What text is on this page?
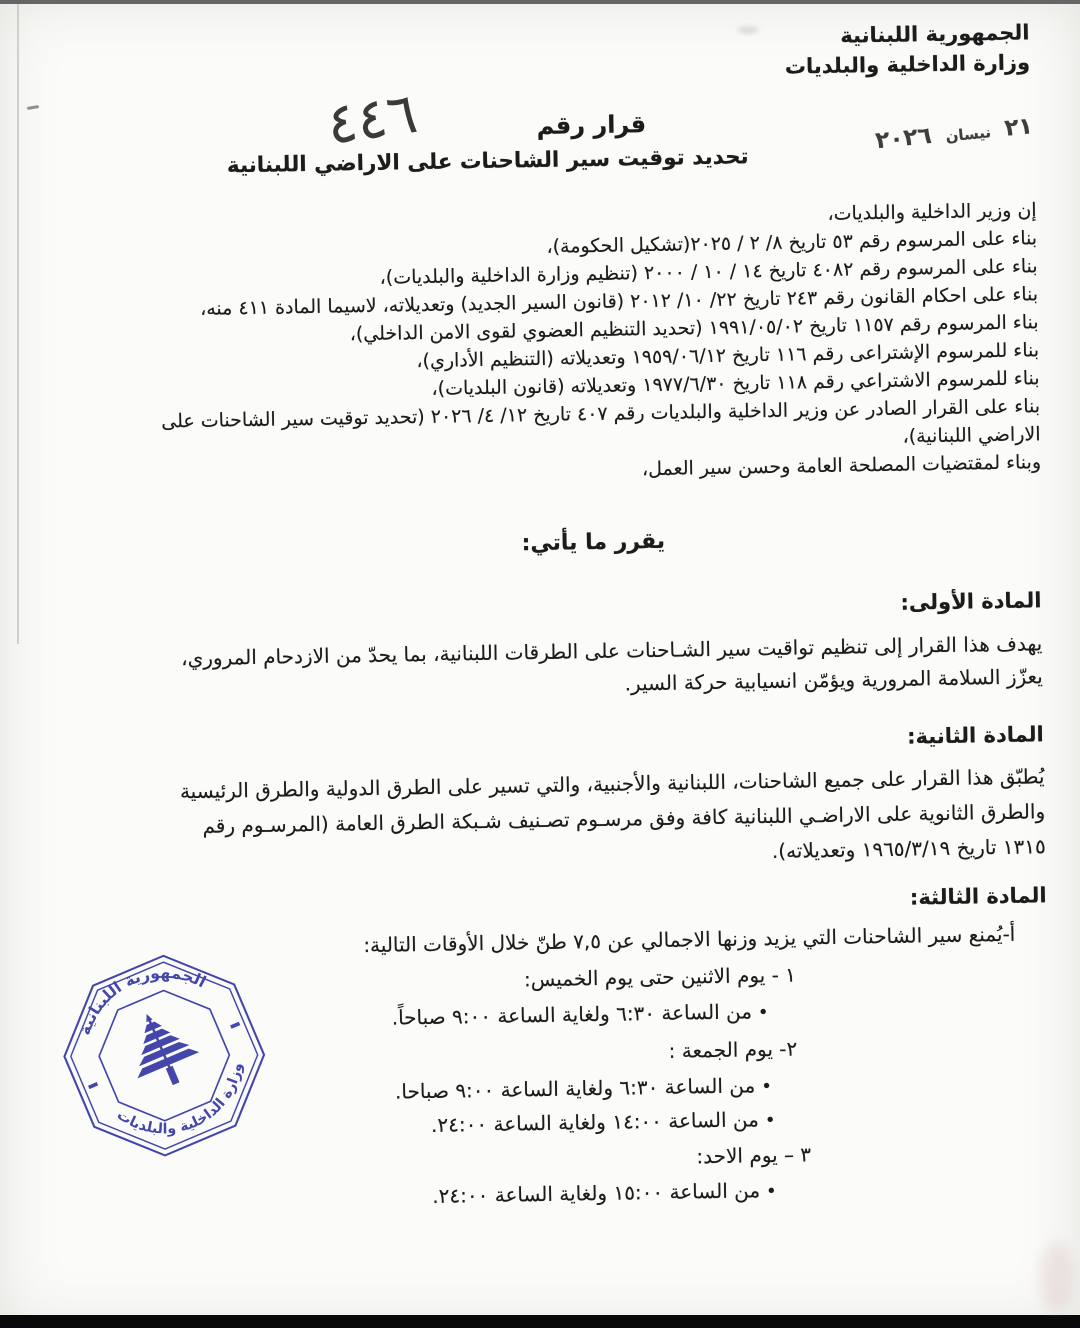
الجمهورية اللبنانية
وزارة الداخلية والبلديات
٢١
نيسان
٢٠٢٦
قرار رقم
٤٤٦
تحديد توقيت سير الشاحنات على الاراضي اللبنانية
إن وزير الداخلية والبلديات،
بناء على المرسوم رقم ٥٣ تاريخ ٨/ ٢ / ٢٠٢٥(تشكيل الحكومة)،
بناء على المرسوم رقم ٤٠٨٢ تاريخ ١٤ / ١٠ / ٢٠٠٠ (تنظيم وزارة الداخلية والبلديات)،
بناء على احكام القانون رقم ٢٤٣ تاريخ ٢٢/ ١٠/ ٢٠١٢ (قانون السير الجديد) وتعديلاته، لاسيما المادة ٤١١ منه،
بناء المرسوم رقم ١١٥٧ تاريخ ١٩٩١/٠٥/٠٢ (تحديد التنظيم العضوي لقوى الامن الداخلي)،
بناء للمرسوم الإشتراعى رقم ١١٦ تاريخ ١٩٥٩/٠٦/١٢ وتعديلاته (التنظيم الأداري)،
بناء للمرسوم الاشتراعي رقم ١١٨ تاريخ ١٩٧٧/٦/٣٠ وتعديلاته (قانون البلديات)،
بناء على القرار الصادر عن وزير الداخلية والبلديات رقم ٤٠٧ تاريخ ١٢/ ٤/ ٢٠٢٦ (تحديد توقيت سير الشاحنات على
الاراضي اللبنانية)،
وبناء لمقتضيات المصلحة العامة وحسن سير العمل،
يقرر ما يأتي:
المادة الأولى:
يهدف هذا القرار إلى تنظيم تواقيت سير الشـاحنات على الطرقات اللبنانية، بما يحدّ من الازدحام المروري،
يعزّز السلامة المرورية ويؤمّن انسيابية حركة السير.
المادة الثانية:
يُطبّق هذا القرار على جميع الشاحنات، اللبنانية والأجنبية، والتي تسير على الطرق الدولية والطرق الرئيسية
والطرق الثانوية على الاراضـي اللبنانية كافة وفق مرسـوم تصـنيف شـبكة الطرق العامة (المرسـوم رقم
١٣١٥ تاريخ ١٩٦٥/٣/١٩ وتعديلاته).
المادة الثالثة:
أ-يُمنع سير الشاحنات التي يزيد وزنها الاجمالي عن ٧,٥ طنّ خلال الأوقات التالية:
١ - يوم الاثنين حتى يوم الخميس:
•من الساعة ٦:٣٠ ولغاية الساعة ٩:٠٠ صباحاً.
٢- يوم الجمعة :
•من الساعة ٦:٣٠ ولغاية الساعة ٩:٠٠ صباحا.
•من الساعة ١٤:٠٠ ولغاية الساعة ٢٤:٠٠.
٣ – يوم الاحد:
•من الساعة ١٥:٠٠ ولغاية الساعة ٢٤:٠٠.
الجمهورية اللبنانية
وزارة الداخلية والبلديات
